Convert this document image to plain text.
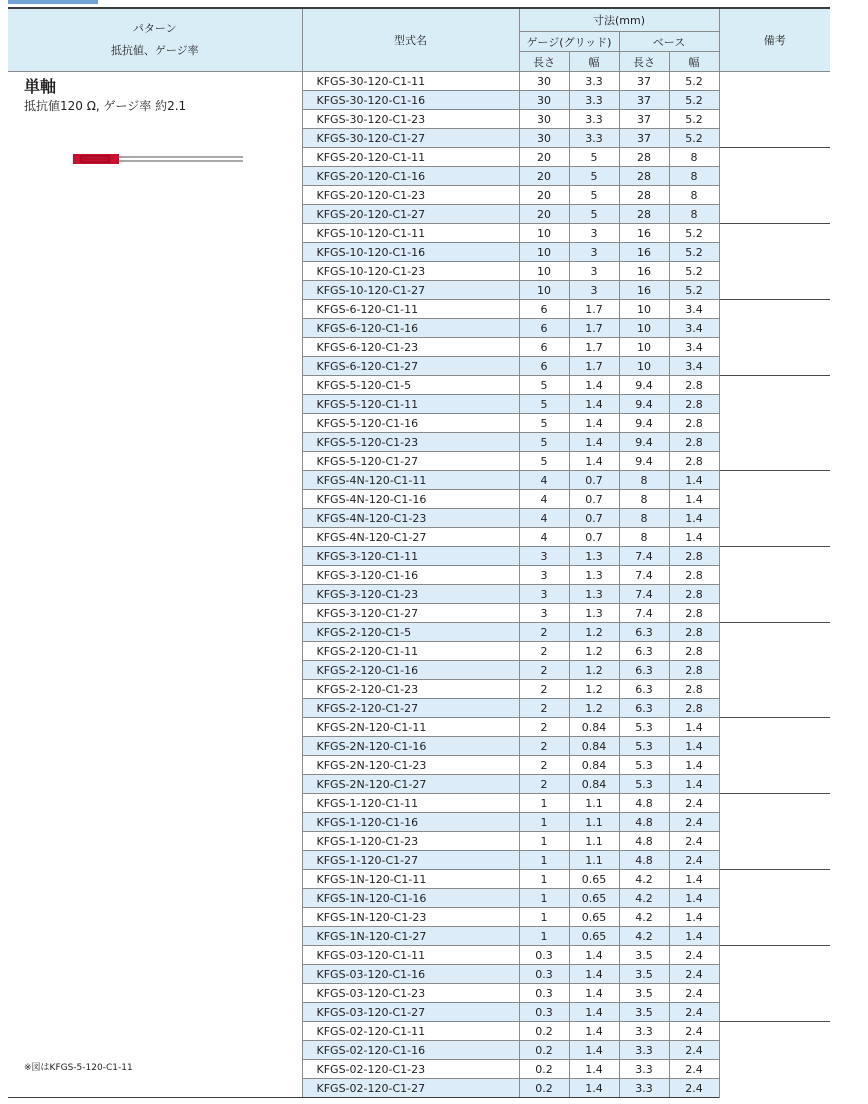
パターン
抵抗値、ゲージ率	型式名	寸法(mm)				備考
		ゲージ(グリッド)		ベース		
		長さ	幅	長さ	幅	

単軸
抵抗値120 Ω, ゲージ率 約2.1
※図はKFGS-5-120-C1-11	KFGS-30-120-C1-11	30	3.3	37	5.2	
	KFGS-30-120-C1-16	30	3.3	37	5.2	
	KFGS-30-120-C1-23	30	3.3	37	5.2	
	KFGS-30-120-C1-27	30	3.3	37	5.2	
	KFGS-20-120-C1-11	20	5	28	8	
	KFGS-20-120-C1-16	20	5	28	8	
	KFGS-20-120-C1-23	20	5	28	8	
	KFGS-20-120-C1-27	20	5	28	8	
	KFGS-10-120-C1-11	10	3	16	5.2	
	KFGS-10-120-C1-16	10	3	16	5.2	
	KFGS-10-120-C1-23	10	3	16	5.2	
	KFGS-10-120-C1-27	10	3	16	5.2	
	KFGS-6-120-C1-11	6	1.7	10	3.4	
	KFGS-6-120-C1-16	6	1.7	10	3.4	
	KFGS-6-120-C1-23	6	1.7	10	3.4	
	KFGS-6-120-C1-27	6	1.7	10	3.4	
	KFGS-5-120-C1-5	5	1.4	9.4	2.8	
	KFGS-5-120-C1-11	5	1.4	9.4	2.8	
	KFGS-5-120-C1-16	5	1.4	9.4	2.8	
	KFGS-5-120-C1-23	5	1.4	9.4	2.8	
	KFGS-5-120-C1-27	5	1.4	9.4	2.8	
	KFGS-4N-120-C1-11	4	0.7	8	1.4	
	KFGS-4N-120-C1-16	4	0.7	8	1.4	
	KFGS-4N-120-C1-23	4	0.7	8	1.4	
	KFGS-4N-120-C1-27	4	0.7	8	1.4	
	KFGS-3-120-C1-11	3	1.3	7.4	2.8	
	KFGS-3-120-C1-16	3	1.3	7.4	2.8	
	KFGS-3-120-C1-23	3	1.3	7.4	2.8	
	KFGS-3-120-C1-27	3	1.3	7.4	2.8	
	KFGS-2-120-C1-5	2	1.2	6.3	2.8	
	KFGS-2-120-C1-11	2	1.2	6.3	2.8	
	KFGS-2-120-C1-16	2	1.2	6.3	2.8	
	KFGS-2-120-C1-23	2	1.2	6.3	2.8	
	KFGS-2-120-C1-27	2	1.2	6.3	2.8	
	KFGS-2N-120-C1-11	2	0.84	5.3	1.4	
	KFGS-2N-120-C1-16	2	0.84	5.3	1.4	
	KFGS-2N-120-C1-23	2	0.84	5.3	1.4	
	KFGS-2N-120-C1-27	2	0.84	5.3	1.4	
	KFGS-1-120-C1-11	1	1.1	4.8	2.4	
	KFGS-1-120-C1-16	1	1.1	4.8	2.4	
	KFGS-1-120-C1-23	1	1.1	4.8	2.4	
	KFGS-1-120-C1-27	1	1.1	4.8	2.4	
	KFGS-1N-120-C1-11	1	0.65	4.2	1.4	
	KFGS-1N-120-C1-16	1	0.65	4.2	1.4	
	KFGS-1N-120-C1-23	1	0.65	4.2	1.4	
	KFGS-1N-120-C1-27	1	0.65	4.2	1.4	
	KFGS-03-120-C1-11	0.3	1.4	3.5	2.4	
	KFGS-03-120-C1-16	0.3	1.4	3.5	2.4	
	KFGS-03-120-C1-23	0.3	1.4	3.5	2.4	
	KFGS-03-120-C1-27	0.3	1.4	3.5	2.4	
	KFGS-02-120-C1-11	0.2	1.4	3.3	2.4	
	KFGS-02-120-C1-16	0.2	1.4	3.3	2.4	
	KFGS-02-120-C1-23	0.2	1.4	3.3	2.4	
	KFGS-02-120-C1-27	0.2	1.4	3.3	2.4	
